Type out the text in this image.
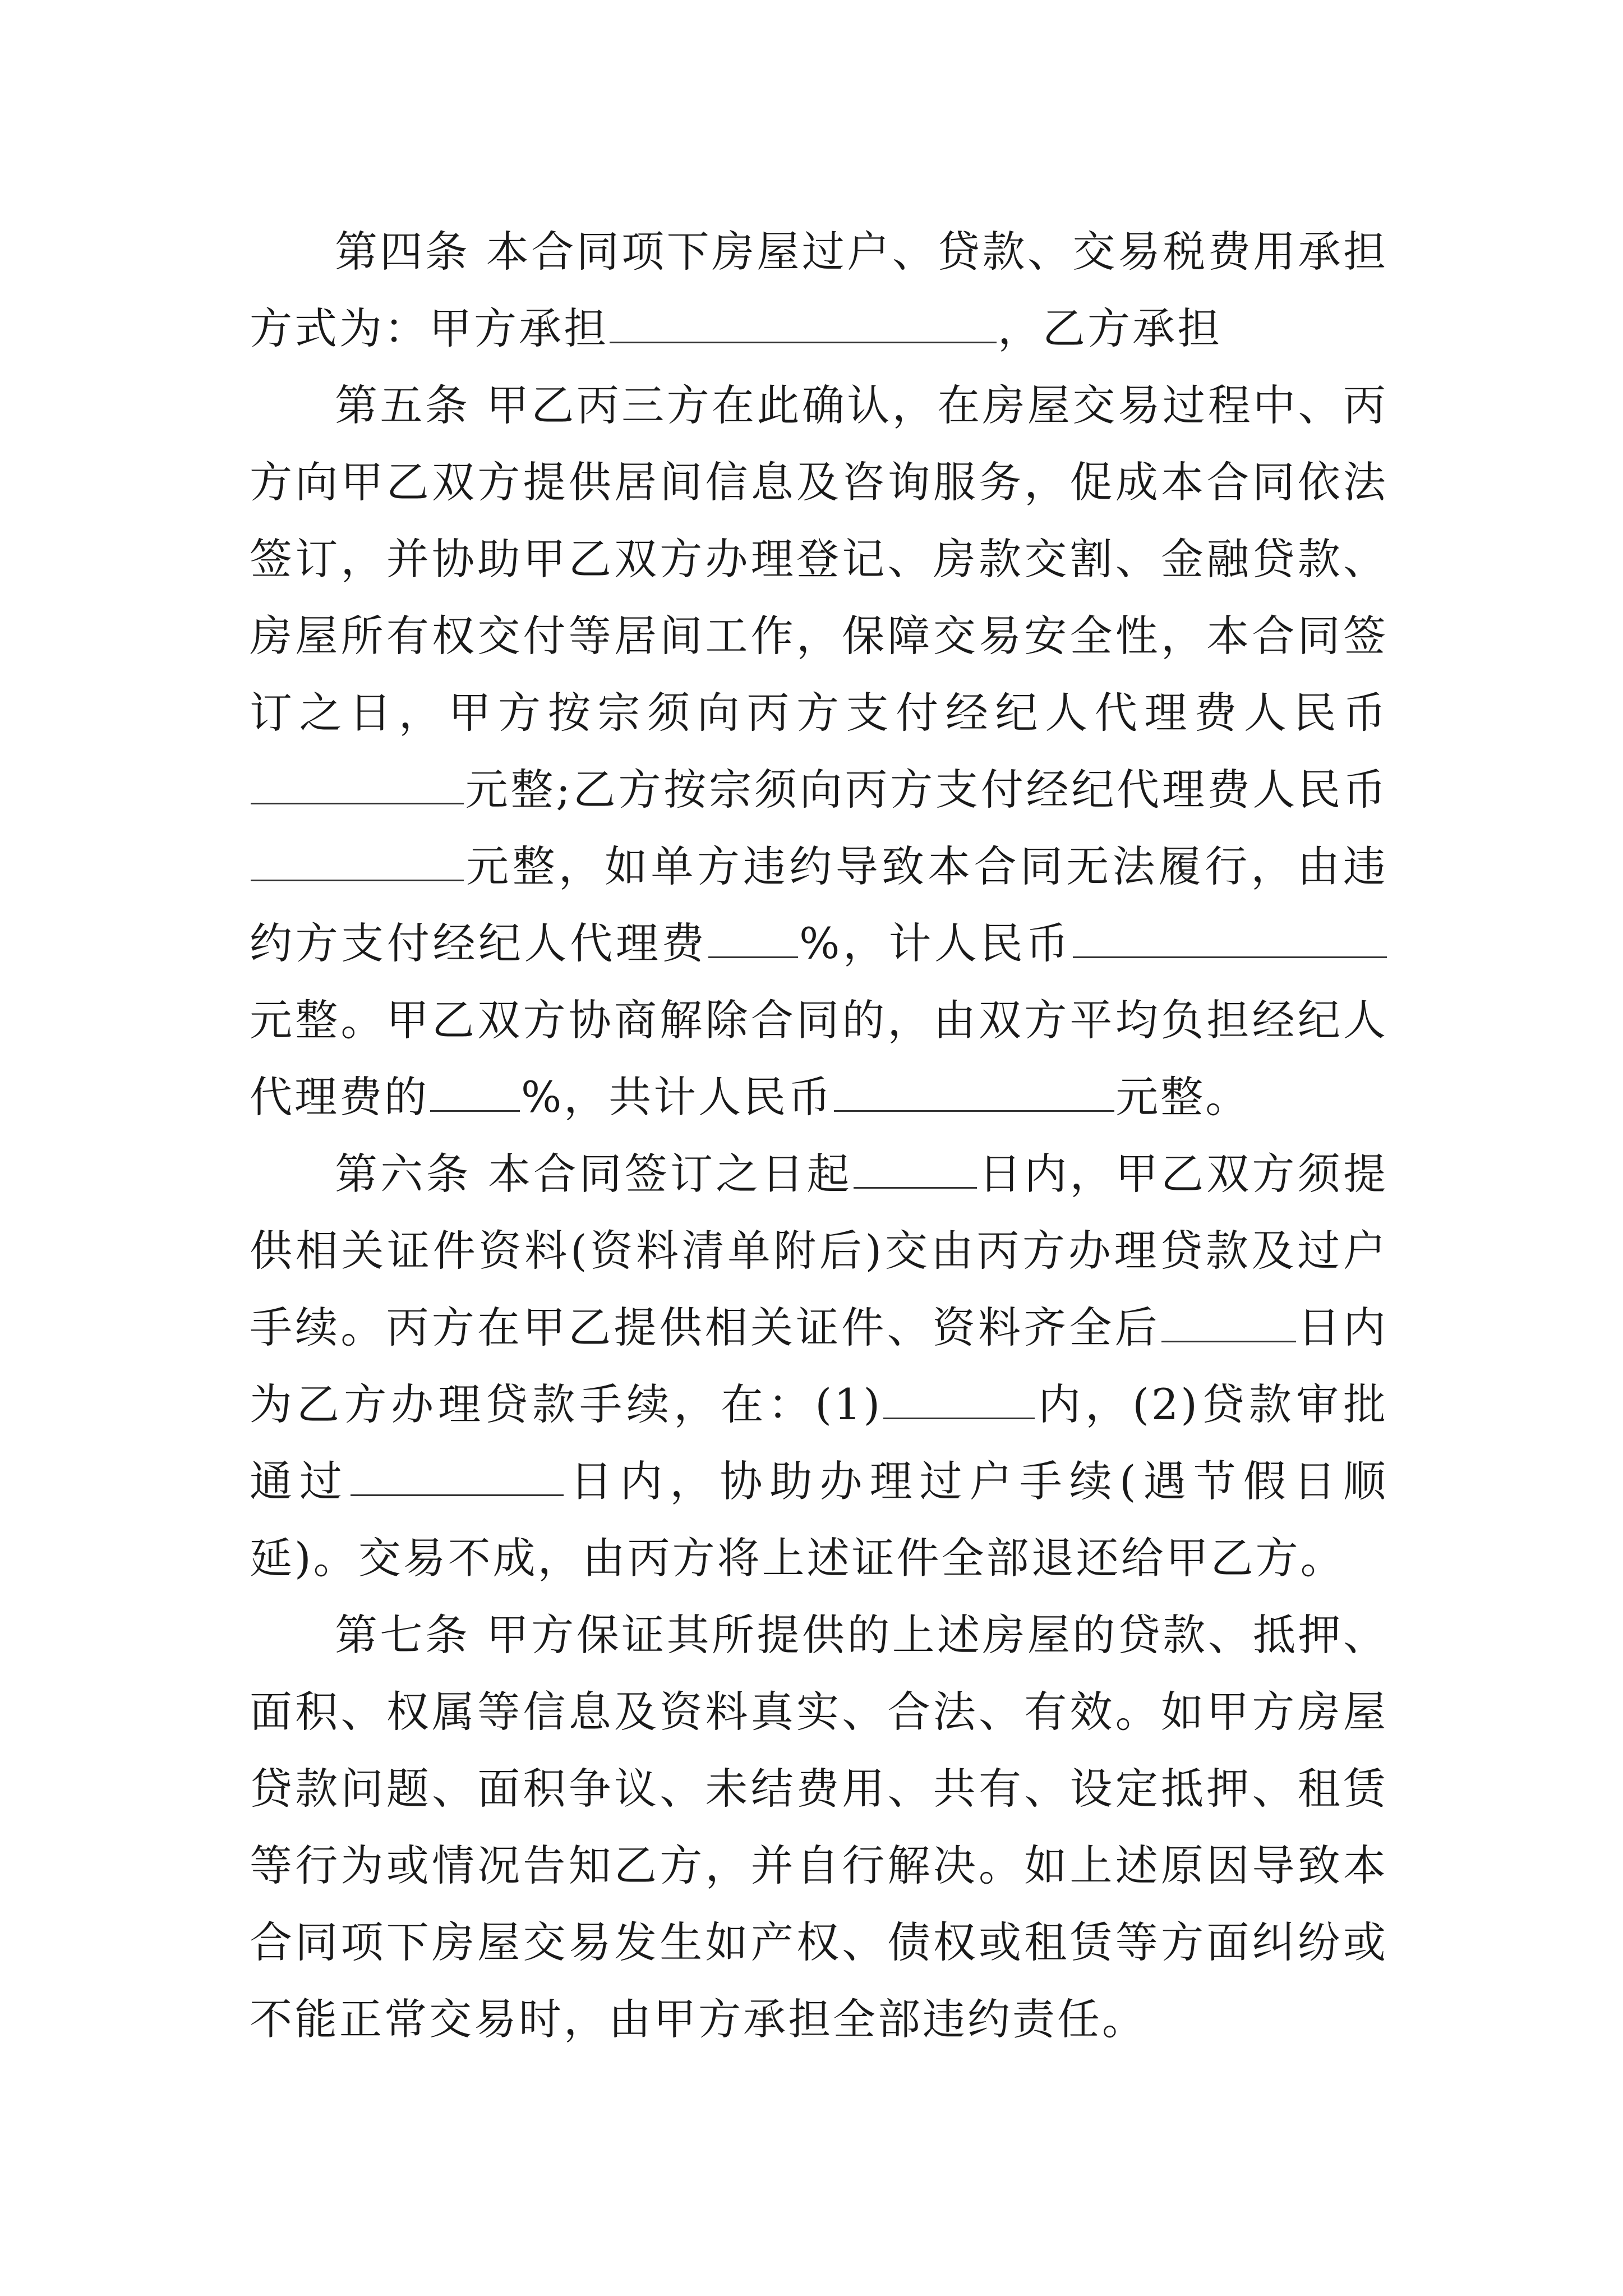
第四条 本合同项下房屋过户、贷款、交易税费用承担方式为：甲方承担	，乙方承担

第五条 甲乙丙三方在此确认，在房屋交易过程中、丙方向甲乙双方提供居间信息及咨询服务，促成本合同依法签订，并协助甲乙双方办理登记、房款交割、金融贷款、房屋所有权交付等居间工作，保障交易安全性，本合同签订之日，甲方按宗须向丙方支付经纪人代理费人民币元整;乙方按宗须向丙方支付经纪代理费人民币元整，如单方违约导致本合同无法履行，由违约方支付经纪人代理费 %，计人民币元整。甲乙双方协商解除合同的，由双方平均负担经纪人代理费的 %，共计人民币	元整。

第六条 本合同签订之日起	日内，甲乙双方须提供相关证件资料(资料清单附后)交由丙方办理贷款及过户手续。丙方在甲乙提供相关证件、资料齐全后	日内为乙方办理贷款手续，在：(1)	内，(2)贷款审批通过	日内，协助办理过户手续(遇节假日顺延)。交易不成，由丙方将上述证件全部退还给甲乙方。

第七条 甲方保证其所提供的上述房屋的贷款、抵押、面积、权属等信息及资料真实、合法、有效。如甲方房屋贷款问题、面积争议、未结费用、共有、设定抵押、租赁等行为或情况告知乙方，并自行解决。如上述原因导致本合同项下房屋交易发生如产权、债权或租赁等方面纠纷或不能正常交易时，由甲方承担全部违约责任。
